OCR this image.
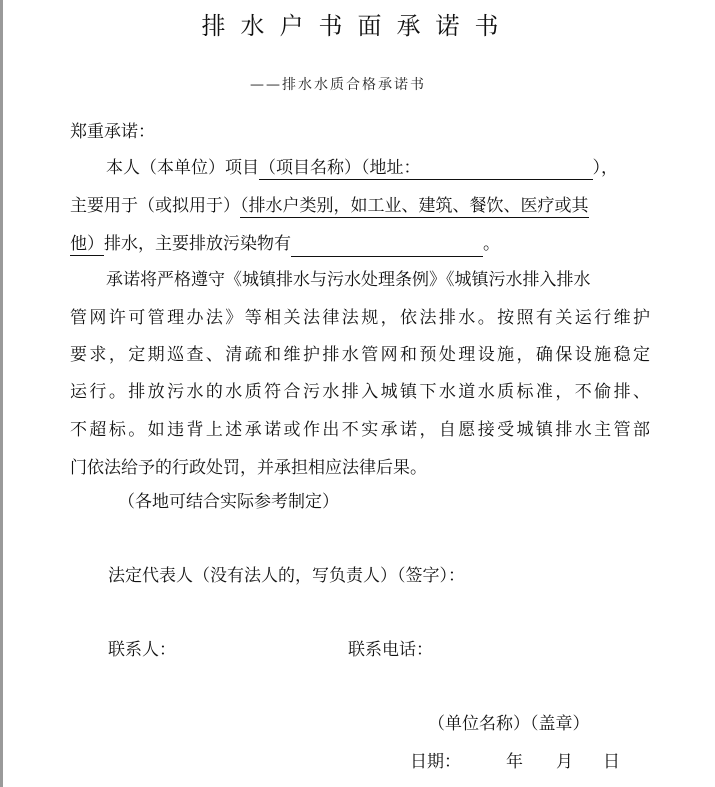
排水户书面承诺书
——排水水质合格承诺书
郑重承诺：
本人（本单位）项目（项目名称）（地址：	），
主要用于（或拟用于）（排水户类别，如工业、建筑、餐饮、医疗或其
他）排水，主要排放污染物有	。
承诺将严格遵守《城镇排水与污水处理条例》《城镇污水排入排水
管网许可管理办法》等相关法律法规，依法排水。按照有关运行维护
要求，定期巡查、清疏和维护排水管网和预处理设施，确保设施稳定
运行。排放污水的水质符合污水排入城镇下水道水质标准，不偷排、
不超标。如违背上述承诺或作出不实承诺，自愿接受城镇排水主管部
门依法给予的行政处罚，并承担相应法律后果。
（各地可结合实际参考制定）
法定代表人（没有法人的，写负责人）（签字）：
联系人：	联系电话：
（单位名称）（盖章）
日期：	年 月 日
